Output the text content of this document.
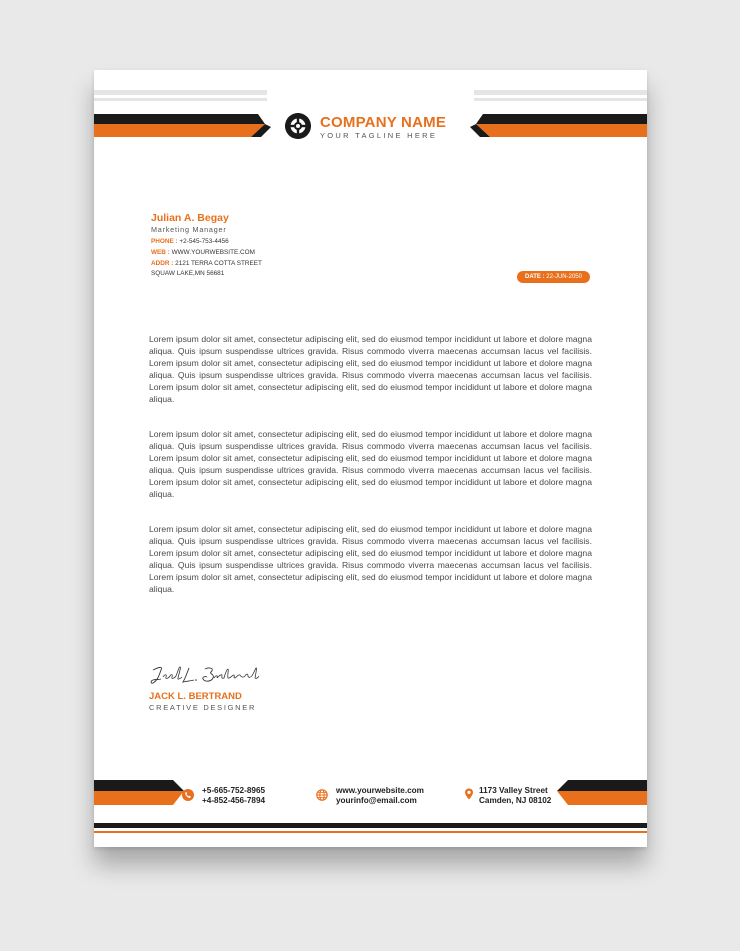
COMPANY NAME
YOUR TAGLINE HERE
Julian A. Begay
Marketing Manager
PHONE : +2-545-753-4456
WEB : WWW.YOURWEBSITE.COM
ADDR : 2121 TERRA COTTA STREET
SQUAW LAKE,MN 56681	DATE : 22-JUN-2050

Lorem ipsum dolor sit amet, consectetur adipiscing elit, sed do eiusmod tempor incididunt ut labore et dolore magna aliqua. Quis ipsum suspendisse ultrices gravida. Risus commodo viverra maecenas accumsan lacus vel facilisis. Lorem ipsum dolor sit amet, consectetur adipiscing elit, sed do eiusmod tempor incididunt ut labore et dolore magna aliqua. Quis ipsum suspendisse ultrices gravida. Risus commodo viverra maecenas accumsan lacus vel facilisis. Lorem ipsum dolor sit amet, consectetur adipiscing elit, sed do eiusmod tempor incididunt ut labore et dolore magna aliqua.

Lorem ipsum dolor sit amet, consectetur adipiscing elit, sed do eiusmod tempor incididunt ut labore et dolore magna aliqua. Quis ipsum suspendisse ultrices gravida. Risus commodo viverra maecenas accumsan lacus vel facilisis. Lorem ipsum dolor sit amet, consectetur adipiscing elit, sed do eiusmod tempor incididunt ut labore et dolore magna aliqua. Quis ipsum suspendisse ultrices gravida. Risus commodo viverra maecenas accumsan lacus vel facilisis. Lorem ipsum dolor sit amet, consectetur adipiscing elit, sed do eiusmod tempor incididunt ut labore et dolore magna aliqua.

Lorem ipsum dolor sit amet, consectetur adipiscing elit, sed do eiusmod tempor incididunt ut labore et dolore magna aliqua. Quis ipsum suspendisse ultrices gravida. Risus commodo viverra maecenas accumsan lacus vel facilisis. Lorem ipsum dolor sit amet, consectetur adipiscing elit, sed do eiusmod tempor incididunt ut labore et dolore magna aliqua. Quis ipsum suspendisse ultrices gravida. Risus commodo viverra maecenas accumsan lacus vel facilisis. Lorem ipsum dolor sit amet, consectetur adipiscing elit, sed do eiusmod tempor incididunt ut labore et dolore magna aliqua.

JACK L. BERTRAND
CREATIVE DESIGNER
+5-665-752-8965
+4-852-456-7894
www.yourwebsite.com
yourinfo@email.com
1173 Valley Street
Camden, NJ 08102
